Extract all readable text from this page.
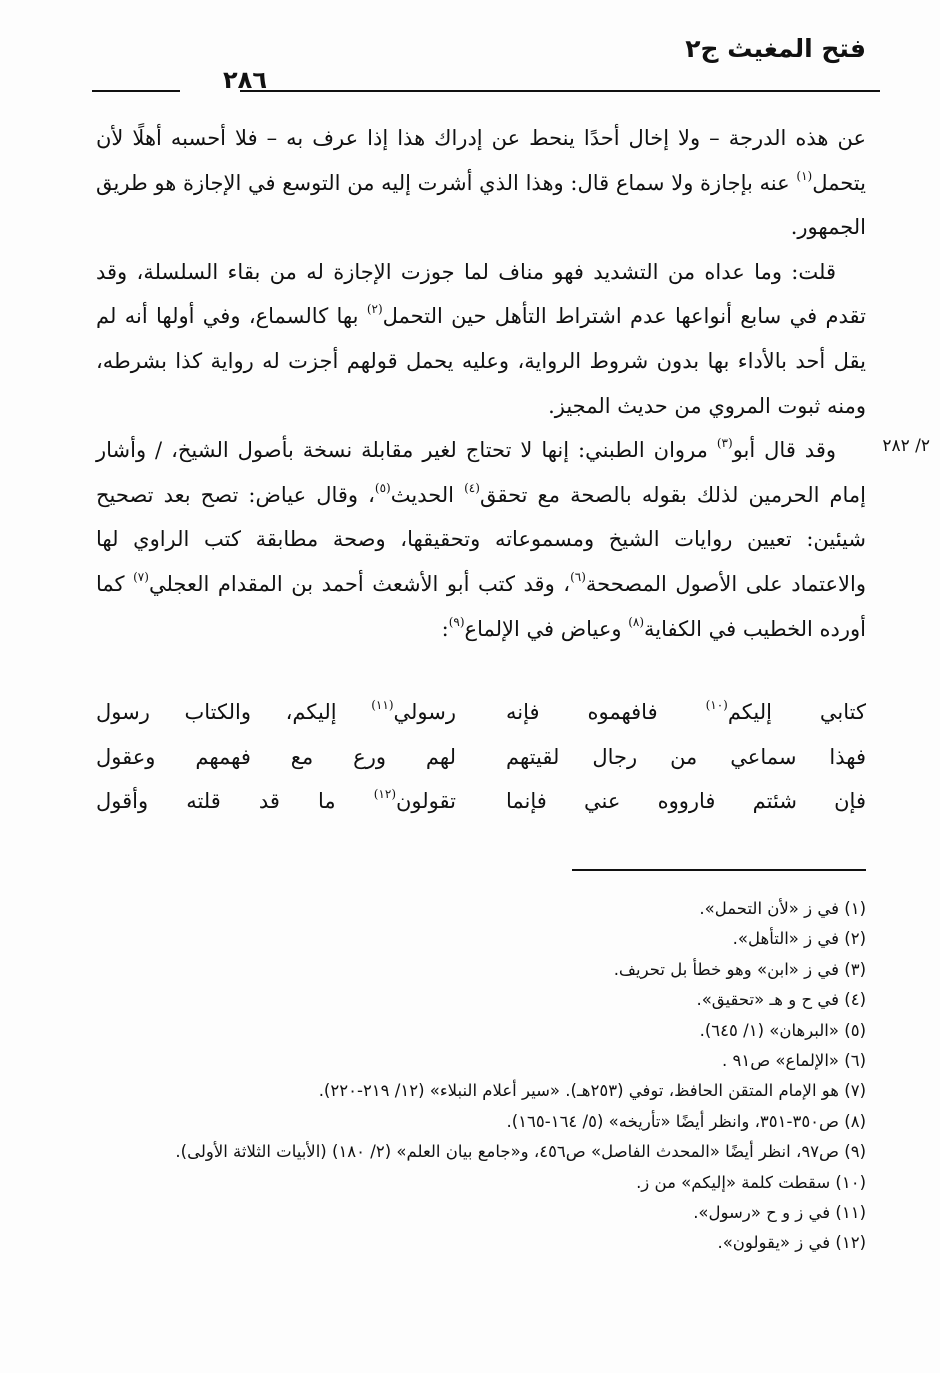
فتح المغيث ج٢
٢٨٦
٢/ ٢٨٢

عن هذه الدرجة – ولا إخال أحدًا ينحط عن إدراك هذا إذا عرف به – فلا أحسبه أهلًا لأن يتحمل$^{(١)}$ عنه بإجازة ولا سماع قال: وهذا الذي أشرت إليه من التوسع في الإجازة هو طريق الجمهور.

قلت: وما عداه من التشديد فهو مناف لما جوزت الإجازة له من بقاء السلسلة، وقد تقدم في سابع أنواعها عدم اشتراط التأهل حين التحمل$^{(٢)}$ بها كالسماع، وفي أولها أنه لم يقل أحد بالأداء بها بدون شروط الرواية، وعليه يحمل قولهم أجزت له رواية كذا بشرطه، ومنه ثبوت المروي من حديث المجيز.

وقد قال أبو$^{(٣)}$ مروان الطبني: إنها لا تحتاج لغير مقابلة نسخة بأصول الشيخ، / وأشار إمام الحرمين لذلك بقوله بالصحة مع تحقق$^{(٤)}$ الحديث$^{(٥)}$، وقال عياض: تصح بعد تصحيح شيئين: تعيين روايات الشيخ ومسموعاته وتحقيقها، وصحة مطابقة كتب الراوي لها والاعتماد على الأصول المصححة$^{(٦)}$، وقد كتب أبو الأشعث أحمد بن المقدام العجلي$^{(٧)}$ كما أورده الخطيب في الكفاية$^{(٨)}$ وعياض في الإلماع$^{(٩)}$:

كتابي إليكم$^{(١٠)}$ فافهموه فإنه
رسولي$^{(١١)}$ إليكم، والكتاب رسول
فهذا سماعي من رجال لقيتهم
لهم ورع مع فهمهم وعقول
فإن شئتم فارووه عني فإنما
تقولون$^{(١٢)}$ ما قد قلته وأقول

(١) في ز «لأن التحمل».

(٢) في ز «التأهل».

(٣) في ز «ابن» وهو خطأ بل تحريف.

(٤) في ح و هـ «تحقيق».

(٥) «البرهان» (١/ ٦٤٥).

(٦) «الإلماع» ص٩١ .

(٧) هو الإمام المتقن الحافظ، توفي (٢٥٣هـ). «سير أعلام النبلاء» (١٢/ ٢١٩-٢٢٠).

(٨) ص٣٥٠-٣٥١، وانظر أيضًا «تأريخه» (٥/ ١٦٤-١٦٥).

(٩) ص٩٧، انظر أيضًا «المحدث الفاصل» ص٤٥٦، و«جامع بيان العلم» (٢/ ١٨٠) (الأبيات الثلاثة الأولى).

(١٠) سقطت كلمة «إليكم» من ز.

(١١) في ز و ح «رسول».

(١٢) في ز «يقولون».
